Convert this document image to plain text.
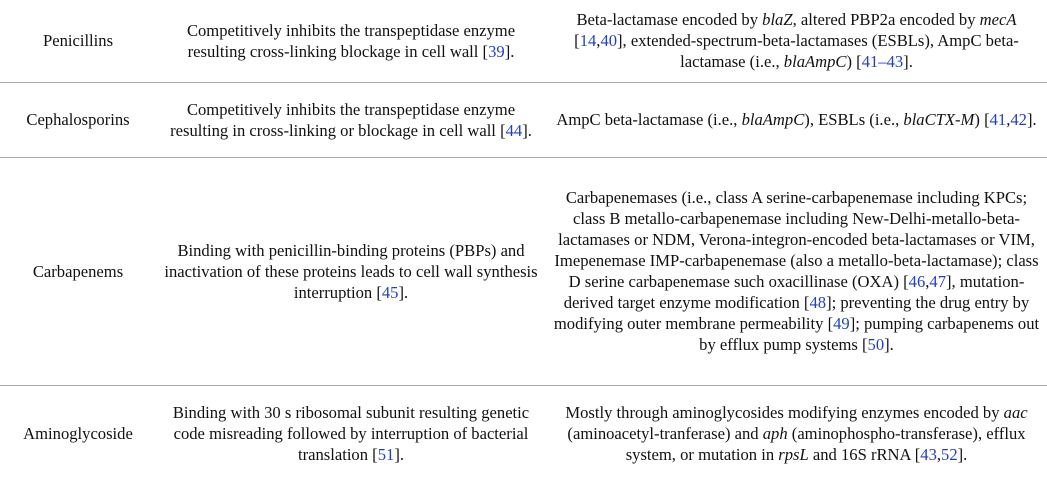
Penicillins	Competitively inhibits the transpeptidase enzyme resulting cross-linking blockage in cell wall [39].	Beta-lactamase encoded by blaZ, altered PBP2a encoded by mecA [14,40], extended-spectrum-beta-lactamases (ESBLs), AmpC beta-lactamase (i.e., blaAmpC) [41–43].
Cephalosporins	Competitively inhibits the transpeptidase enzyme resulting in cross-linking or blockage in cell wall [44].	AmpC beta-lactamase (i.e., blaAmpC), ESBLs (i.e., blaCTX-M) [41,42].
Carbapenems	Binding with penicillin-binding proteins (PBPs) and inactivation of these proteins leads to cell wall synthesis interruption [45].	Carbapenemases (i.e., class A serine-carbapenemase including KPCs; class B metallo-carbapenemase including New-Delhi-metallo-beta-lactamases or NDM, Verona-integron-encoded beta-lactamases or VIM, Imepenemase IMP-carbapenemase (also a metallo-beta-lactamase); class D serine carbapenemase such oxacillinase (OXA) [46,47], mutation-derived target enzyme modification [48]; preventing the drug entry by modifying outer membrane permeability [49]; pumping carbapenems out by efflux pump systems [50].
Aminoglycoside	Binding with 30 s ribosomal subunit resulting genetic code misreading followed by interruption of bacterial translation [51].	Mostly through aminoglycosides modifying enzymes encoded by aac (aminoacetyl-tranferase) and aph (aminophospho-transferase), efflux system, or mutation in rpsL and 16S rRNA [43,52].
